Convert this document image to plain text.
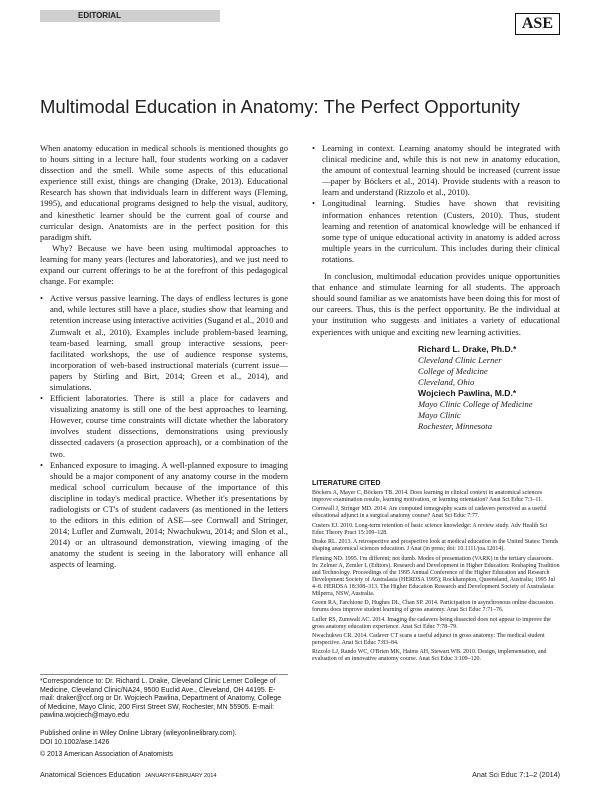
EDITORIAL	ASE
Multimodal Education in Anatomy: The Perfect Opportunity

When anatomy education in medical schools is mentioned thoughts go to hours sitting in a lecture hall, four students working on a cadaver dissection and the smell. While some aspects of this educational experience still exist, things are changing (Drake, 2013). Educational Research has shown that individuals learn in different ways (Fleming, 1995), and educational programs designed to help the visual, auditory, and kinesthetic learner should be the current goal of course and curricular design. Anatomists are in the perfect position for this paradigm shift.

Why? Because we have been using multimodal approaches to learning for many years (lectures and laboratories), and we just need to expand our current offerings to be at the forefront of this pedagogical change. For example:

• Active versus passive learning. The days of endless lectures is gone and, while lectures still have a place, studies show that learning and retention increase using interactive activities (Sugand et al., 2010 and Zumwalt et al., 2010). Examples include problem-based learning, team-based learning, small group interactive sessions, peer-facilitated workshops, the use of audience response systems, incorporation of web-based instructional materials (current issue—papers by Stirling and Birt, 2014; Green et al., 2014), and simulations.
• Efficient laboratories. There is still a place for cadavers and visualizing anatomy is still one of the best approaches to learning. However, course time constraints will dictate whether the laboratory involves student dissections, demonstrations using previously dissected cadavers (a prosection approach), or a combination of the two.
• Enhanced exposure to imaging. A well-planned exposure to imaging should be a major component of any anatomy course in the modern medical school curriculum because of the importance of this discipline in today's medical practice. Whether it's presentations by radiologists or CT's of student cadavers (as mentioned in the letters to the editors in this edition of ASE—see Cornwall and Stringer, 2014; Lufler and Zumwalt, 2014; Nwachukwu, 2014; and Slon et al., 2014) or an ultrasound demonstration, viewing imaging of the anatomy the student is seeing in the laboratory will enhance all aspects of learning.
• Learning in context. Learning anatomy should be integrated with clinical medicine and, while this is not new in anatomy education, the amount of contextual learning should be increased (current issue—paper by Böckers et al., 2014). Provide students with a reason to learn and understand (Rizzolo et al., 2010).
• Longitudinal learning. Studies have shown that revisiting information enhances retention (Custers, 2010). Thus, student learning and retention of anatomical knowledge will be enhanced if some type of unique educational activity in anatomy is added across multiple years in the curriculum. This includes during their clinical rotations.

In conclusion, multimodal education provides unique opportunities that enhance and stimulate learning for all students. The approach should sound familiar as we anatomists have been doing this for most of our careers. Thus, this is the perfect opportunity. Be the individual at your institution who suggests and initiates a variety of educational experiences with unique and exciting new learning activities.

Richard L. Drake, Ph.D.*
Cleveland Clinic Lerner
College of Medicine
Cleveland, Ohio
Wojciech Pawlina, M.D.*
Mayo Clinic College of Medicine
Mayo Clinic
Rochester, Minnesota
LITERATURE CITED
Böckers A, Mayer C, Böckers TB. 2014. Does learning in clinical context in anatomical sciences improve examination results, learning motivation, or learning orientation? Anat Sci Educ 7:3–11.
Cornwall J, Stringer MD. 2014. Are computed tomography scans of cadavers perceived as a useful educational adjunct in a surgical anatomy course? Anat Sci Educ 7:77.
Custers EJ. 2010. Long-term retention of basic science knowledge: A review study. Adv Health Sci Educ Theory Pract 15:109–128.
Drake RL. 2013. A retrospective and prospective look at medical education in the United States: Trends shaping anatomical sciences education. J Anat (in press; doi: 10.1111/joa.12014).
Fleming ND. 1995. I'm different; not dumb. Modes of presentation (VARK) in the tertiary classroom. In: Zelmer A, Zemler L (Editors). Research and Development in Higher Education: Reshaping Tradition and Technology. Proceedings of the 1995 Annual Conference of the Higher Education and Research Development Society of Australasia (HERDSA 1995); Rockhampton, Queensland, Australia; 1995 Jul 4–8. HERDSA 18:308–313. The Higher Education Research and Development Society of Australasia: Milperra, NSW, Australia.
Green RA, Farchione D, Hughes DL, Chan SP. 2014. Participation in asynchronous online discussion forums does improve student learning of gross anatomy. Anat Sci Educ 7:71–76.
Lufler RS, Zumwalt AC. 2014. Imaging the cadavers being dissected does not appear to improve the gross anatomy education experience. Anat Sci Educ 7:78–79.
Nwachukwu CR. 2014. Cadaver CT scans a useful adjunct in gross anatomy: The medical student perspective. Anat Sci Educ 7:83–84.
Rizzolo LJ, Rando WC, O'Brien MK, Haims AH, Stewart WB. 2010. Design, implementation, and evaluation of an innovative anatomy course. Anat Sci Educ 3:109–120.
*Correspondence to: Dr. Richard L. Drake, Cleveland Clinic Lerner College of Medicine, Cleveland Clinic/NA24, 9500 Euclid Ave., Cleveland, OH 44195. E-mail: draker@ccf.org or Dr. Wojciech Pawlina, Department of Anatomy, College of Medicine, Mayo Clinic, 200 First Street SW, Rochester, MN 55905. E-mail: pawlina.wojciech@mayo.edu
Published online in Wiley Online Library (wileyonlinelibrary.com).
DOI 10.1002/ase.1426
© 2013 American Association of Anatomists
Anatomical Sciences Education JANUARY/FEBRUARY 2014	Anat Sci Educ 7:1–2 (2014)
